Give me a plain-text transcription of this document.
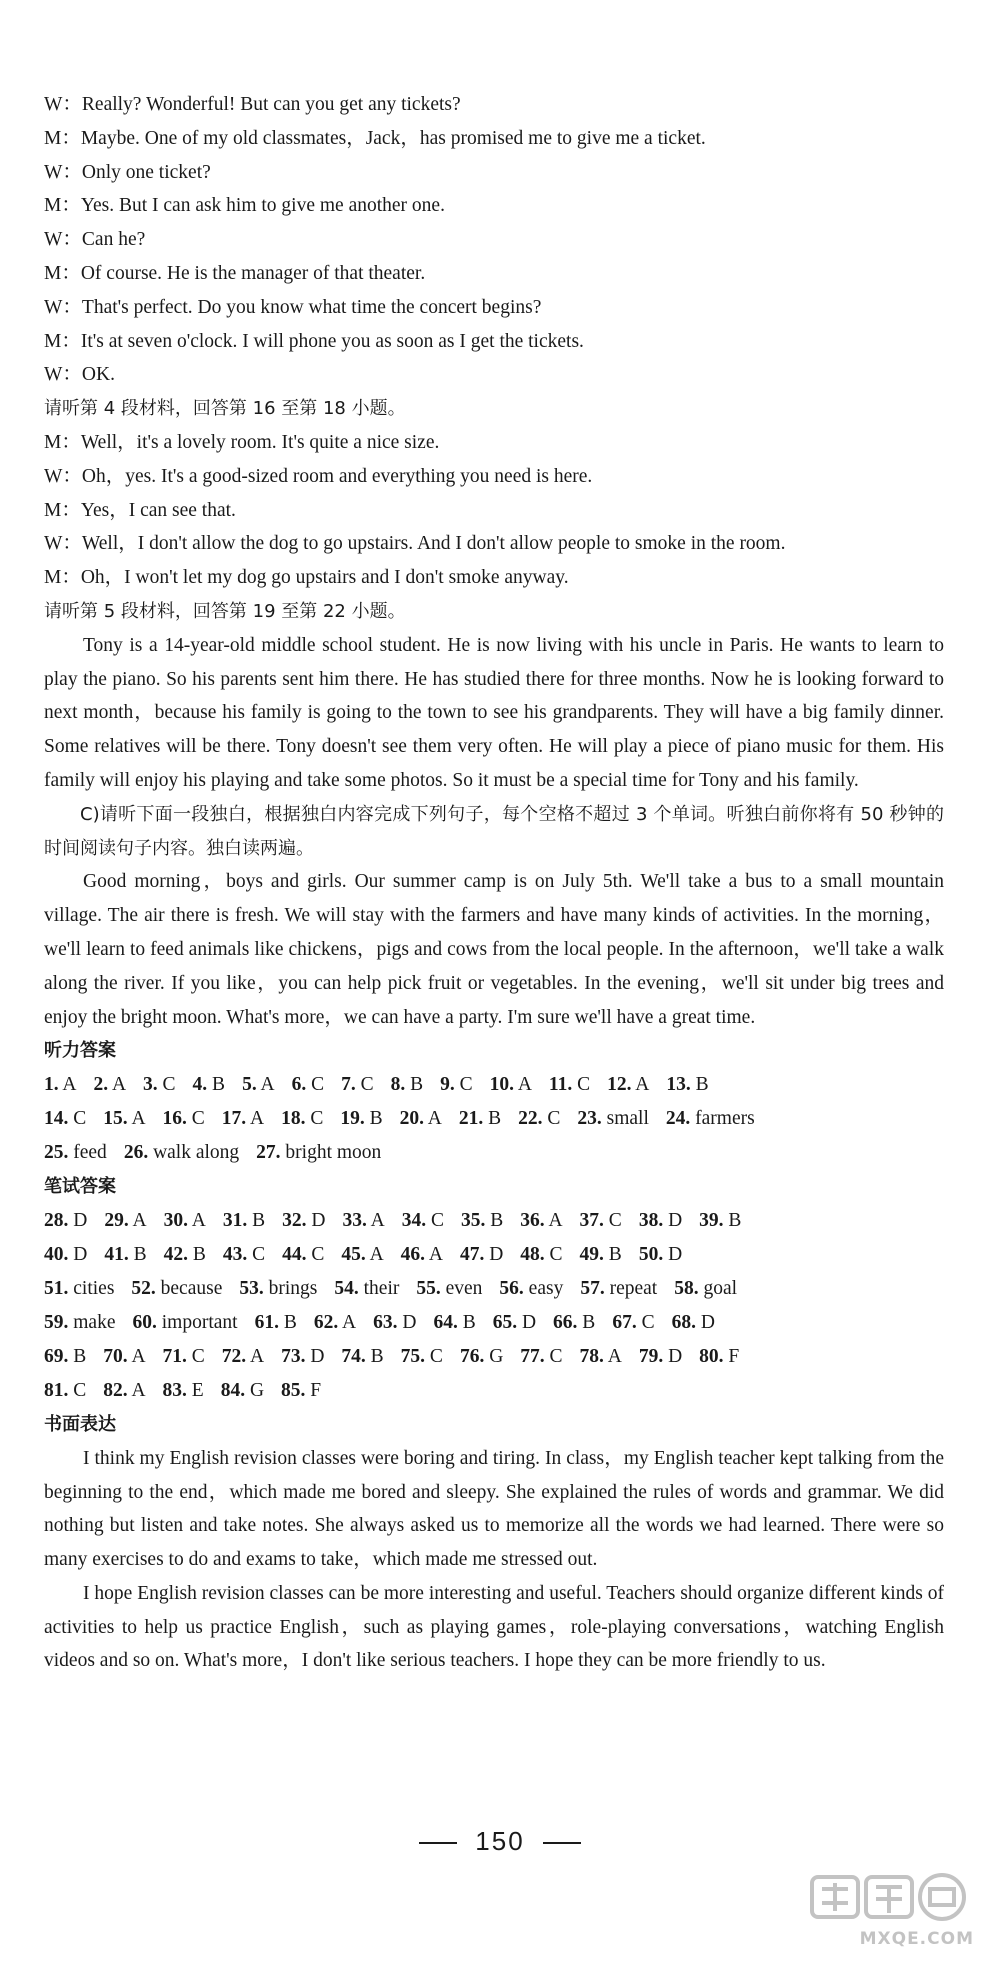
W：Really? Wonderful! But can you get any tickets?
M：Maybe. One of my old classmates，Jack，has promised me to give me a ticket.
W：Only one ticket?
M：Yes. But I can ask him to give me another one.
W：Can he?
M：Of course. He is the manager of that theater.
W：That's perfect. Do you know what time the concert begins?
M：It's at seven o'clock. I will phone you as soon as I get the tickets.
W：OK.
请听第 4 段材料，回答第 16 至第 18 小题。
M：Well，it's a lovely room. It's quite a nice size.
W：Oh，yes. It's a good-sized room and everything you need is here.
M：Yes，I can see that.
W：Well，I don't allow the dog to go upstairs. And I don't allow people to smoke in the room.
M：Oh，I won't let my dog go upstairs and I don't smoke anyway.
请听第 5 段材料，回答第 19 至第 22 小题。

Tony is a 14-year-old middle school student. He is now living with his uncle in Paris. He wants to learn to play the piano. So his parents sent him there. He has studied there for three months. Now he is looking forward to next month，because his family is going to the town to see his grandparents. They will have a big family dinner. Some relatives will be there. Tony doesn't see them very often. He will play a piece of piano music for them. His family will enjoy his playing and take some photos. So it must be a special time for Tony and his family.

C)请听下面一段独白，根据独白内容完成下列句子，每个空格不超过 3 个单词。听独白前你将有 50 秒钟的时间阅读句子内容。独白读两遍。

Good morning，boys and girls. Our summer camp is on July 5th. We'll take a bus to a small mountain village. The air there is fresh. We will stay with the farmers and have many kinds of activities. In the morning，we'll learn to feed animals like chickens，pigs and cows from the local people. In the afternoon，we'll take a walk along the river. If you like，you can help pick fruit or vegetables. In the evening，we'll sit under big trees and enjoy the bright moon. What's more，we can have a party. I'm sure we'll have a great time.

听力答案
1. A 2. A 3. C 4. B 5. A 6. C 7. C 8. B 9. C 10. A 11. C 12. A 13. B
14. C 15. A 16. C 17. A 18. C 19. B 20. A 21. B 22. C 23. small 24. farmers
25. feed 26. walk along 27. bright moon
笔试答案
28. D 29. A 30. A 31. B 32. D 33. A 34. C 35. B 36. A 37. C 38. D 39. B
40. D 41. B 42. B 43. C 44. C 45. A 46. A 47. D 48. C 49. B 50. D
51. cities 52. because 53. brings 54. their 55. even 56. easy 57. repeat 58. goal
59. make 60. important 61. B 62. A 63. D 64. B 65. D 66. B 67. C 68. D
69. B 70. A 71. C 72. A 73. D 74. B 75. C 76. G 77. C 78. A 79. D 80. F
81. C 82. A 83. E 84. G 85. F
书面表达

I think my English revision classes were boring and tiring. In class，my English teacher kept talking from the beginning to the end，which made me bored and sleepy. She explained the rules of words and grammar. We did nothing but listen and take notes. She always asked us to memorize all the words we had learned. There were so many exercises to do and exams to take，which made me stressed out.

I hope English revision classes can be more interesting and useful. Teachers should organize different kinds of activities to help us practice English，such as playing games，role-playing conversations，watching English videos and so on. What's more，I don't like serious teachers. I hope they can be more friendly to us.

150
MXQE.COM
